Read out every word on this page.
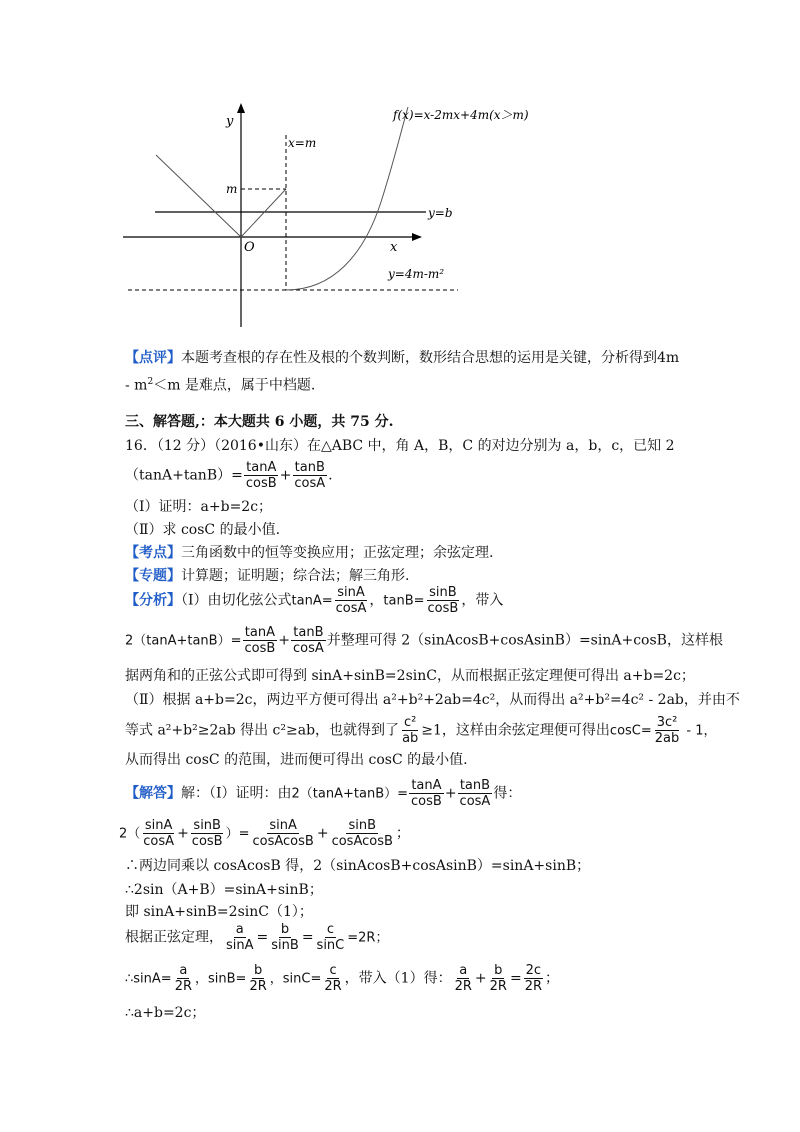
y
x
O
x=m
m
y=b
y=4m-m²
f(x)=x-2mx+4m(x＞m)
【点评】本题考查根的存在性及根的个数判断，数形结合思想的运用是关键，分析得到4m
- $m^2<m$ 是难点，属于中档题.
三、解答题,：本大题共 6 小题，共 75 分.
16．（12 分）（2016•山东）在△ABC 中，角 A，B，C 的对边分别为 a，b，c，已知 2
$(\tan A+\tan B)= \frac{\tan A}{\cos B} + \frac{\tan B}{\cos A}$ .
（Ⅰ）证明：a+b=2c；
（Ⅱ）求 cosC 的最小值.
【考点】三角函数中的恒等变换应用；正弦定理；余弦定理.
【专题】计算题；证明题；综合法；解三角形.
【分析】（Ⅰ）由切化弦公式$\tan A= \frac{\sin A}{\cos A}$ ，$\tan B= \frac{\sin B}{\cos B}$ ，带入
$2(\tan A+\tan B)= \frac{\tan A}{\cos B} + \frac{\tan B}{\cos A}$ 并整理可得 2（sinAcosB+cosAsinB）=sinA+cosB，这样根
据两角和的正弦公式即可得到 sinA+sinB=2sinC，从而根据正弦定理便可得出 a+b=2c；
（Ⅱ）根据 a+b=2c，两边平方便可得出 a²+b²+2ab=4c²，从而得出 a²+b²=4c² - 2ab，并由不
等式 a²+b²≥2ab 得出 c²≥ab，也就得到了 $\frac{\text{c²}}{ab} \ge 1$，这样由余弦定理便可得出$\cos C= \frac{\text{3c²}}{2ab} - 1$，
从而得出 cosC 的范围，进而便可得出 cosC 的最小值.
【解答】解：（Ⅰ）证明：由$2(\tan A+\tan B)= \frac{\tan A}{\cos B} + \frac{\tan B}{\cos A}$ 得：
$2( \frac{\sin A}{\cos A} + \frac{\sin B}{\cos B}$ ）= $\frac{\sin A}{\text{cosAcosB}} + \frac{\sin B}{\text{cosAcosB}}$ ；
∴两边同乘以 cosAcosB 得，2（sinAcosB+cosAsinB）=sinA+sinB；
∴2sin（A+B）=sinA+sinB；
即 sinA+sinB=2sinC（1）；
根据正弦定理， $\frac{a}{\sin A} = \frac{b}{\sin B} = \frac{c}{\sin C} =2R$；
∴sinA= $\frac{a}{2R}$ ，$\sin B= \frac{b}{2R}$ ，$\sin C= \frac{c}{2R}$ ，带入（1）得： $\frac{a}{2R} + \frac{b}{2R} = \frac{2c}{2R}$ ；
∴a+b=2c；
